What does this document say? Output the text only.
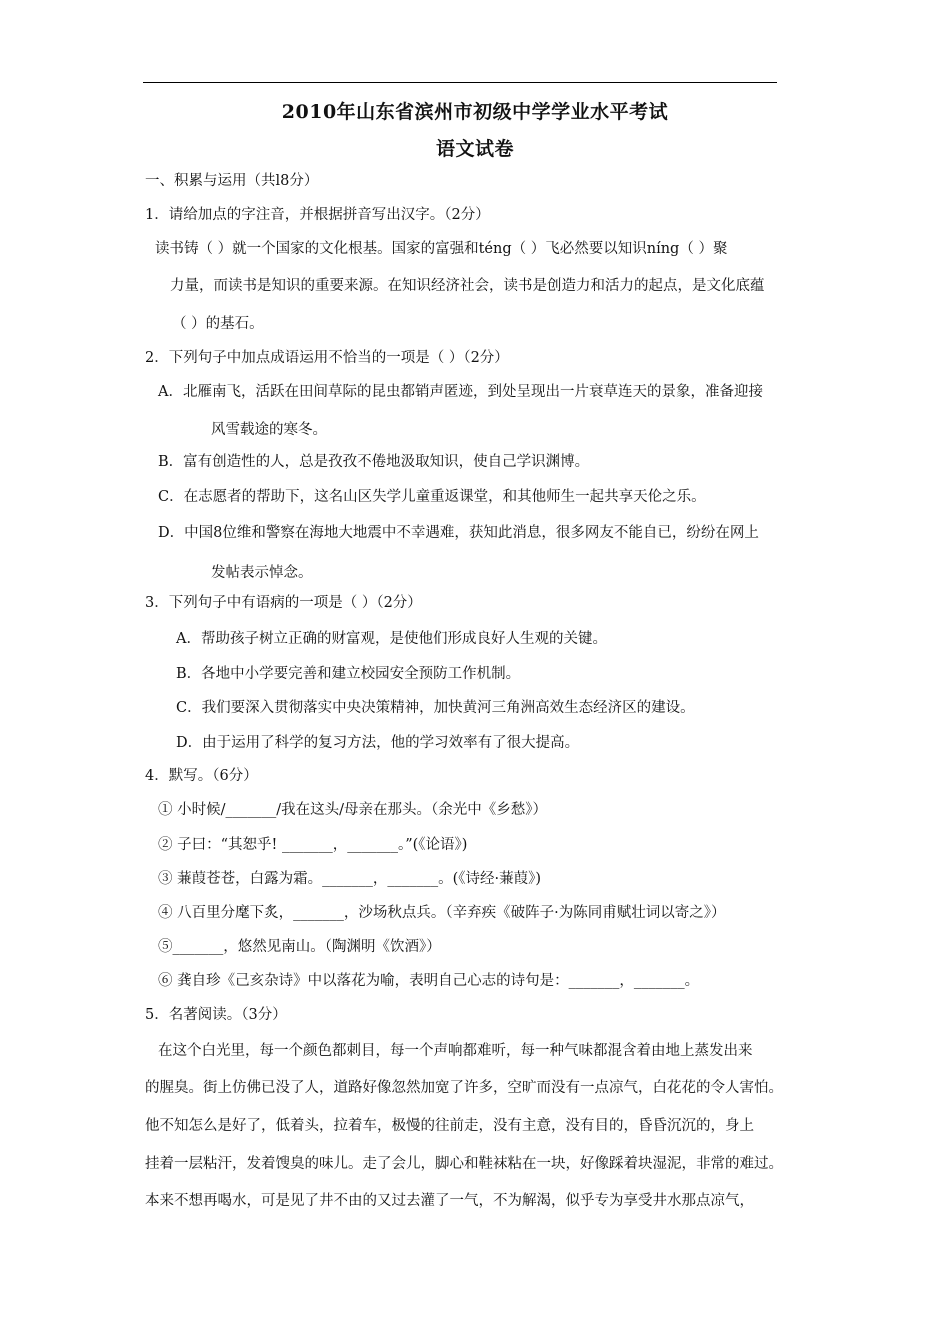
2010年山东省滨州市初级中学学业水平考试
语文试卷
一、积累与运用（共l8分）
1．请给加点的字注音，并根据拼音写出汉字。（2分）
读书铸（ ）就一个国家的文化根基。国家的富强和téng（ ）飞必然要以知识níng（ ）聚
力量，而读书是知识的重要来源。在知识经济社会，读书是创造力和活力的起点，是文化底蕴
（ ）的基石。
2．下列句子中加点成语运用不恰当的一项是（ ）（2分）
A．北雁南飞，活跃在田间草际的昆虫都销声匿迹，到处呈现出一片衰草连天的景象，准备迎接
风雪载途的寒冬。
B．富有创造性的人，总是孜孜不倦地汲取知识，使自己学识渊博。
C．在志愿者的帮助下，这名山区失学儿童重返课堂，和其他师生一起共享天伦之乐。
D．中国8位维和警察在海地大地震中不幸遇难，获知此消息，很多网友不能自已，纷纷在网上
发帖表示悼念。
3．下列句子中有语病的一项是（ ）（2分）
A．帮助孩子树立正确的财富观，是使他们形成良好人生观的关键。
B．各地中小学要完善和建立校园安全预防工作机制。
C．我们要深入贯彻落实中央决策精神，加快黄河三角洲高效生态经济区的建设。
D．由于运用了科学的复习方法，他的学习效率有了很大提高。
4．默写。（6分）
① 小时候/_______/我在这头/母亲在那头。（余光中《乡愁》）
② 子曰：“其恕乎! _______，_______。”(《论语》)
③ 蒹葭苍苍，白露为霜。_______，_______。(《诗经·蒹葭》)
④ 八百里分麾下炙，_______，沙场秋点兵。（辛弃疾《破阵子·为陈同甫赋壮词以寄之》）
⑤_______，悠然见南山。（陶渊明《饮酒》）
⑥ 龚自珍《己亥杂诗》中以落花为喻，表明自己心志的诗句是：_______，_______。
5．名著阅读。（3分）
在这个白光里，每一个颜色都刺目，每一个声响都难听，每一种气味都混含着由地上蒸发出来
的腥臭。街上仿佛已没了人，道路好像忽然加宽了许多，空旷而没有一点凉气，白花花的令人害怕。
他不知怎么是好了，低着头，拉着车，极慢的往前走，没有主意，没有目的，昏昏沉沉的，身上
挂着一层粘汗，发着馊臭的味儿。走了会儿，脚心和鞋袜粘在一块，好像踩着块湿泥，非常的难过。
本来不想再喝水，可是见了井不由的又过去灌了一气，不为解渴，似乎专为享受井水那点凉气，
